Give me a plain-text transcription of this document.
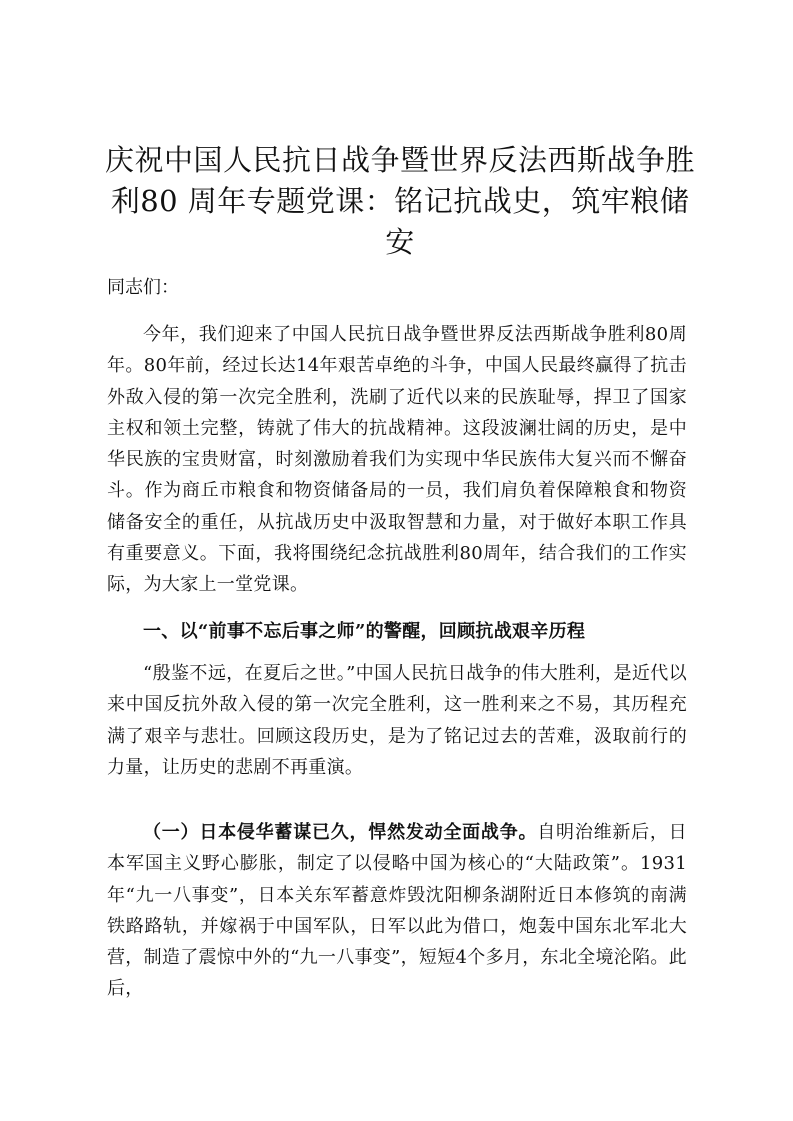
庆祝中国人民抗日战争暨世界反法西斯战争胜利80 周年专题党课：铭记抗战史，筑牢粮储安

同志们：

今年，我们迎来了中国人民抗日战争暨世界反法西斯战争胜利80周年。80年前，经过长达14年艰苦卓绝的斗争，中国人民最终赢得了抗击外敌入侵的第一次完全胜利，洗刷了近代以来的民族耻辱，捍卫了国家主权和领土完整，铸就了伟大的抗战精神。这段波澜壮阔的历史，是中华民族的宝贵财富，时刻激励着我们为实现中华民族伟大复兴而不懈奋斗。作为商丘市粮食和物资储备局的一员，我们肩负着保障粮食和物资储备安全的重任，从抗战历史中汲取智慧和力量，对于做好本职工作具有重要意义。下面，我将围绕纪念抗战胜利80周年，结合我们的工作实际，为大家上一堂党课。

一、以“前事不忘后事之师”的警醒，回顾抗战艰辛历程

“殷鉴不远，在夏后之世。”中国人民抗日战争的伟大胜利，是近代以来中国反抗外敌入侵的第一次完全胜利，这一胜利来之不易，其历程充满了艰辛与悲壮。回顾这段历史，是为了铭记过去的苦难，汲取前行的力量，让历史的悲剧不再重演。

（一）日本侵华蓄谋已久，悍然发动全面战争。自明治维新后，日本军国主义野心膨胀，制定了以侵略中国为核心的“大陆政策”。1931年“九一八事变”，日本关东军蓄意炸毁沈阳柳条湖附近日本修筑的南满铁路路轨，并嫁祸于中国军队，日军以此为借口，炮轰中国东北军北大营，制造了震惊中外的“九一八事变”，短短4个多月，东北全境沦陷。此后，
